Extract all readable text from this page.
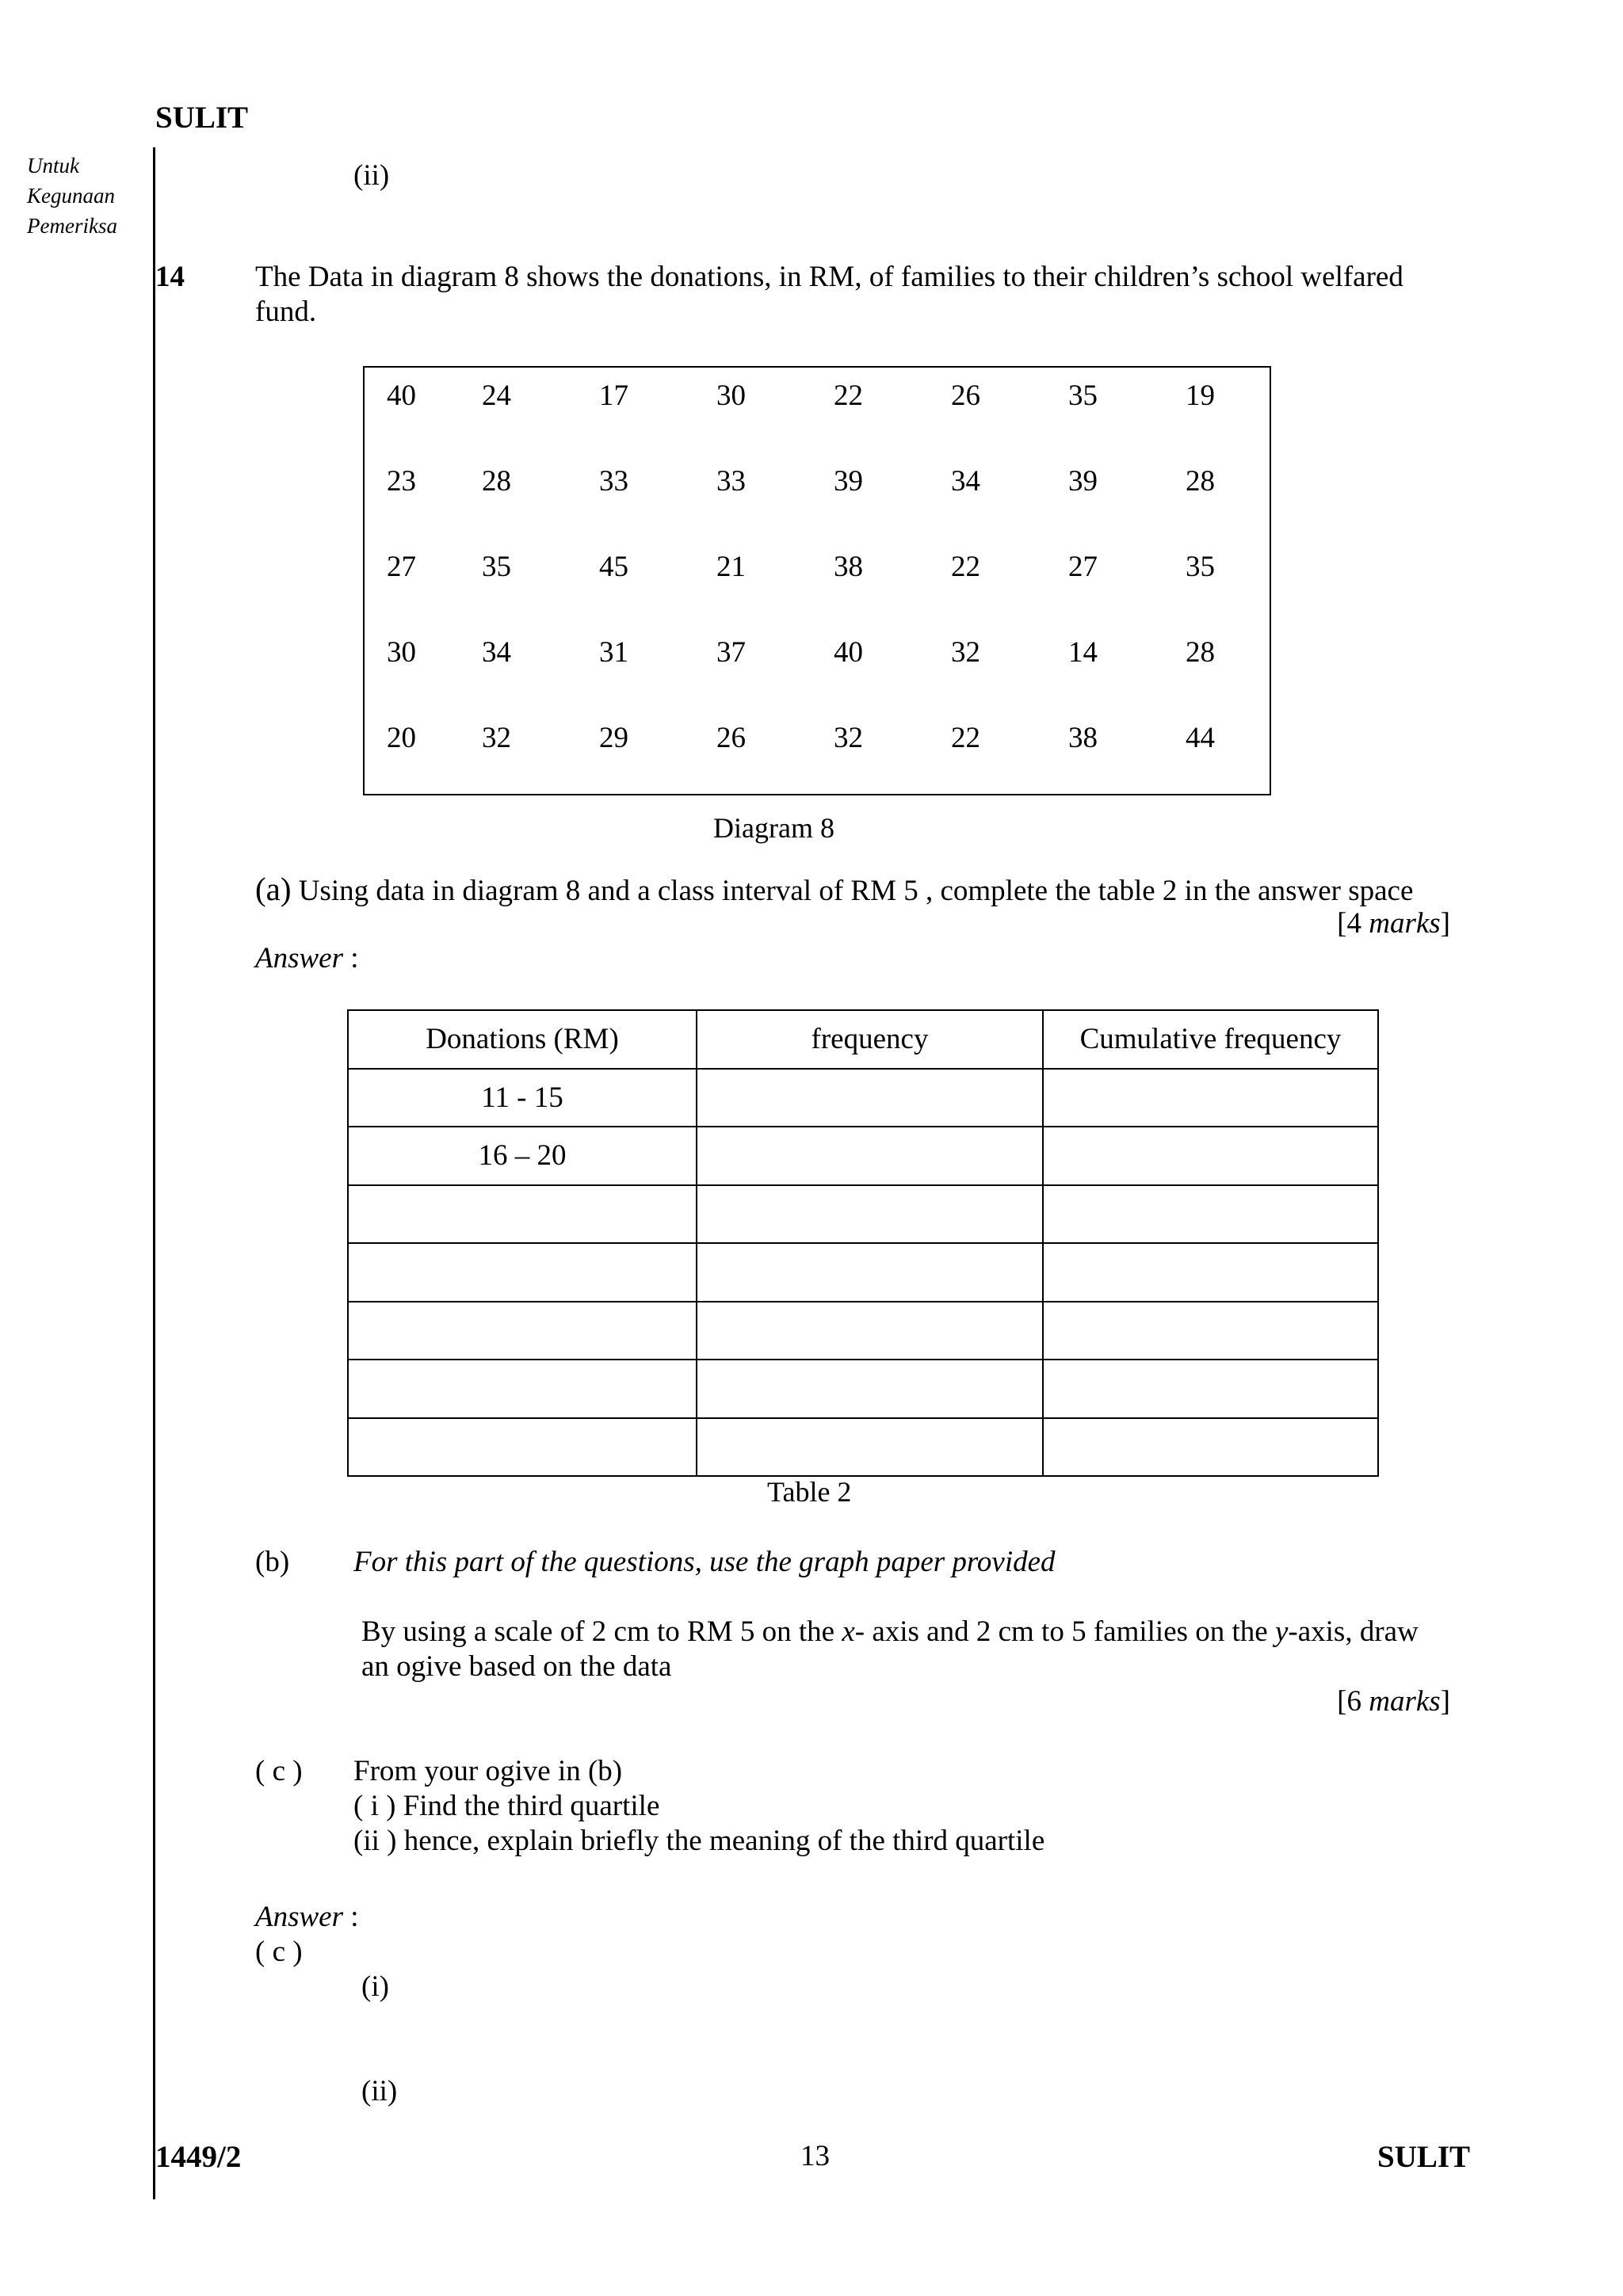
SULIT
Untuk
Kegunaan
Pemeriksa
(ii)
14 The Data in diagram 8 shows the donations, in RM, of families to their children’s school welfared fund.
40 24	17	30	22	26	35	19
23 28	33	33	39	34	39	28
27 35	45	21	38	22	27	35
30 34	31	37	40	32	14	28
20 32	29	26	32	22	38	44
Diagram 8
(a) Using data in diagram 8 and a class interval of RM 5 , complete the table 2 in the answer space
[4 marks]
Answer :
Donations (RM)	frequency	Cumulative frequency
11 - 15		
16 – 20		

Table 2
(b) For this part of the questions, use the graph paper provided
By using a scale of 2 cm to RM 5 on the x- axis and 2 cm to 5 families on the y-axis, draw
an ogive based on the data
[6 marks]
( c ) From your ogive in (b)
( i ) Find the third quartile
(ii ) hence, explain briefly the meaning of the third quartile
Answer :
( c )
(i)
(ii)
1449/2	13	SULIT
